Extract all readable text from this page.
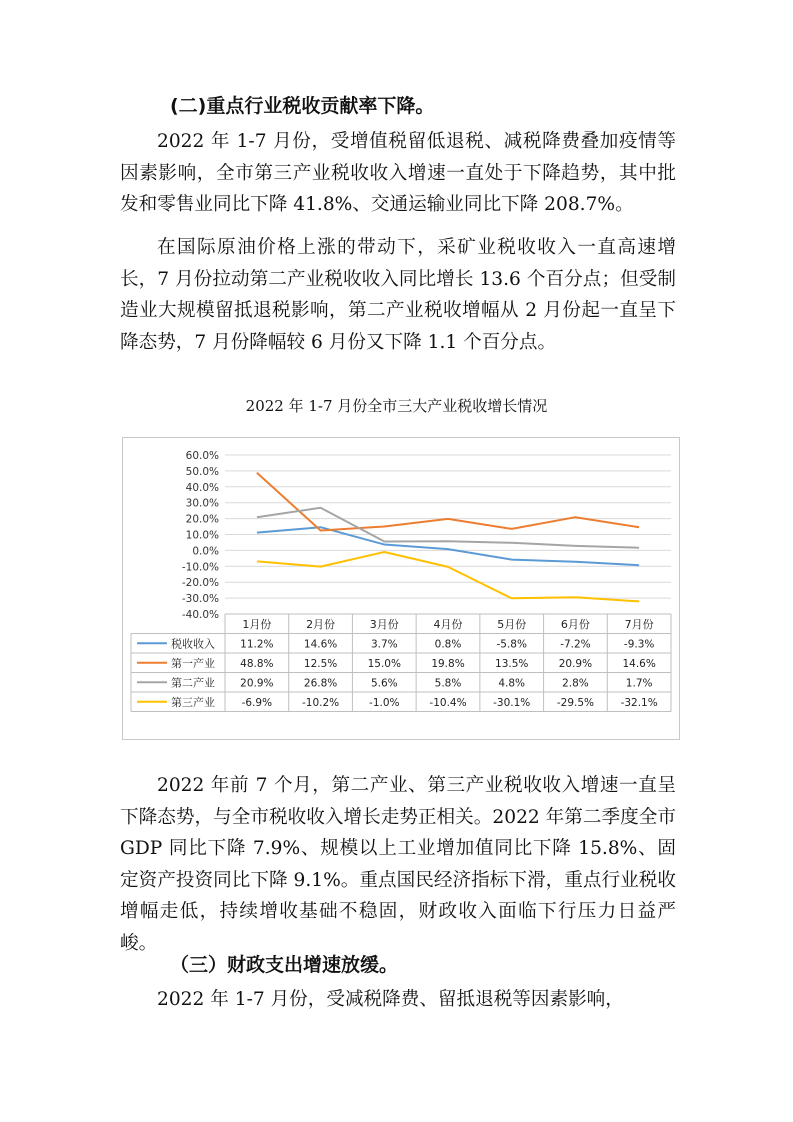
(二)重点行业税收贡献率下降。

2022 年 1-7 月份，受增值税留低退税、减税降费叠加疫情等因素影响，全市第三产业税收收入增速一直处于下降趋势，其中批发和零售业同比下降 41.8%、交通运输业同比下降 208.7%。

在国际原油价格上涨的带动下，采矿业税收收入一直高速增长，7 月份拉动第二产业税收收入同比增长 13.6 个百分点；但受制造业大规模留抵退税影响，第二产业税收增幅从 2 月份起一直呈下降态势，7 月份降幅较 6 月份又下降 1.1 个百分点。

2022 年 1-7 月份全市三大产业税收增长情况

60.0%
50.0%
40.0%
30.0%
20.0%
10.0%
0.0%
-10.0%
-20.0%
-30.0%
-40.0%
1月份	2月份	3月份	4月份	5月份	6月份	7月份
税收收入 11.2%	14.6%	3.7%	0.8%	-5.8%	-7.2%	-9.3%
第一产业 48.8%	12.5%	15.0%	19.8%	13.5%	20.9%	14.6%
第二产业 20.9%	26.8%	5.6%	5.8%	4.8%	2.8%	1.7%
第三产业	-6.9%	-10.2%	-1.0%	-10.4%	-30.1%	-29.5%	-32.1%

2022 年前 7 个月，第二产业、第三产业税收收入增速一直呈下降态势，与全市税收收入增长走势正相关。2022 年第二季度全市 GDP 同比下降 7.9%、规模以上工业增加值同比下降 15.8%、固定资产投资同比下降 9.1%。重点国民经济指标下滑，重点行业税收增幅走低，持续增收基础不稳固，财政收入面临下行压力日益严峻。

（三）财政支出增速放缓。

2022 年 1-7 月份，受减税降费、留抵退税等因素影响，
